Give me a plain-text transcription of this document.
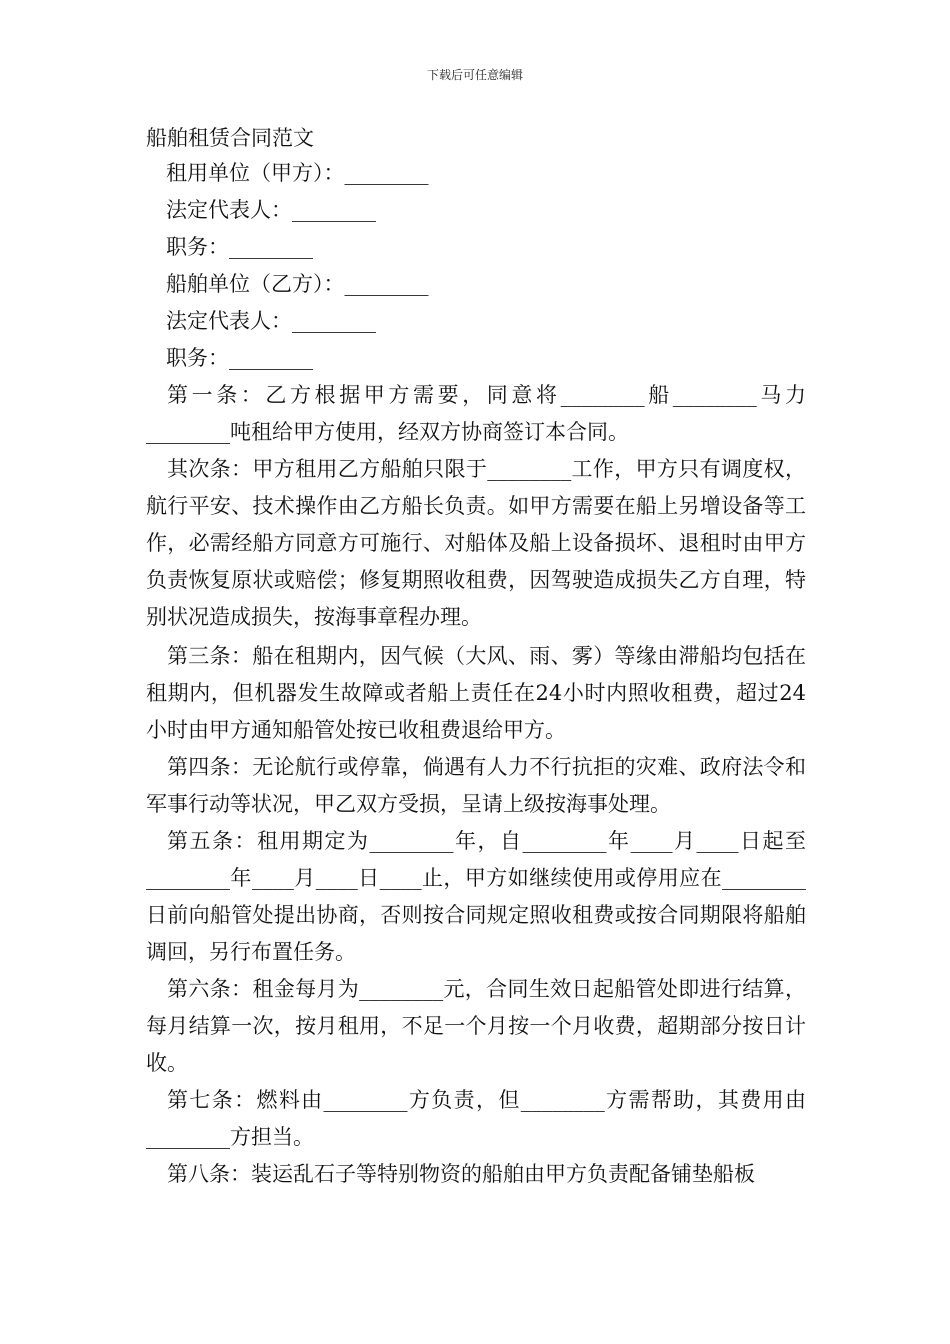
下载后可任意编辑
船舶租赁合同范文
租用单位（甲方）：________
法定代表人：________
职务：________
船舶单位（乙方）：________
法定代表人：________
职务：________
第一条：乙方根据甲方需要，同意将________船________马力________吨租给甲方使用，经双方协商签订本合同。
其次条：甲方租用乙方船舶只限于________工作，甲方只有调度权，航行平安、技术操作由乙方船长负责。如甲方需要在船上另增设备等工作，必需经船方同意方可施行、对船体及船上设备损坏、退租时由甲方负责恢复原状或赔偿；修复期照收租费，因驾驶造成损失乙方自理，特别状况造成损失，按海事章程办理。
第三条：船在租期内，因气候（大风、雨、雾）等缘由滞船均包括在租期内，但机器发生故障或者船上责任在24小时内照收租费，超过24小时由甲方通知船管处按已收租费退给甲方。
第四条：无论航行或停靠，倘遇有人力不行抗拒的灾难、政府法令和军事行动等状况，甲乙双方受损，呈请上级按海事处理。
第五条：租用期定为________年，自________年____月____日起至________年____月____日____止，甲方如继续使用或停用应在________日前向船管处提出协商，否则按合同规定照收租费或按合同期限将船舶调回，另行布置任务。
第六条：租金每月为________元，合同生效日起船管处即进行结算，每月结算一次，按月租用，不足一个月按一个月收费，超期部分按日计收。
第七条：燃料由________方负责，但________方需帮助，其费用由________方担当。
第八条：装运乱石子等特别物资的船舶由甲方负责配备铺垫船板
